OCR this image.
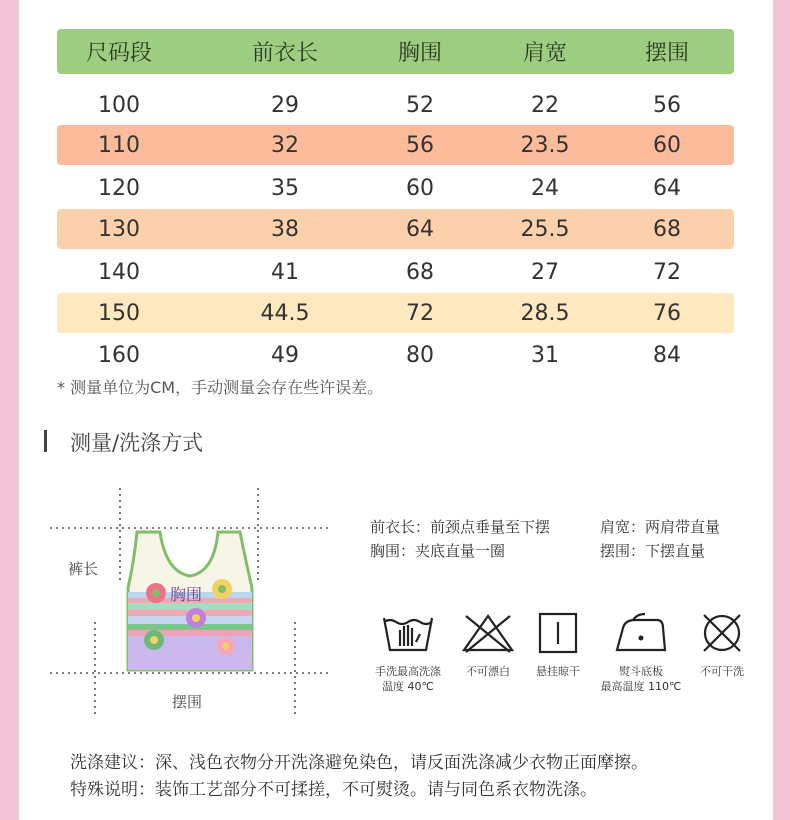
尺码段	前衣长	胸围	肩宽	摆围
100	29	52	22	56
110	32	56	23.5	60
120	35	60	24	64
130	38	64	25.5	68
140	41	68	27	72
150	44.5	72	28.5	76
160	49	80	31	84
* 测量单位为CM，手动测量会存在些许误差。
测量/洗涤方式
裤长
胸围
摆围
前衣长：前颈点垂量至下摆
胸围：夹底直量一圈
肩宽：两肩带直量
摆围：下摆直量
手洗最高洗涤
温度 40℃
不可漂白	悬挂晾干	熨斗底板
最高温度 110℃
不可干洗
洗涤建议：深、浅色衣物分开洗涤避免染色，请反面洗涤减少衣物正面摩擦。
特殊说明：装饰工艺部分不可揉搓，不可熨烫。请与同色系衣物洗涤。
